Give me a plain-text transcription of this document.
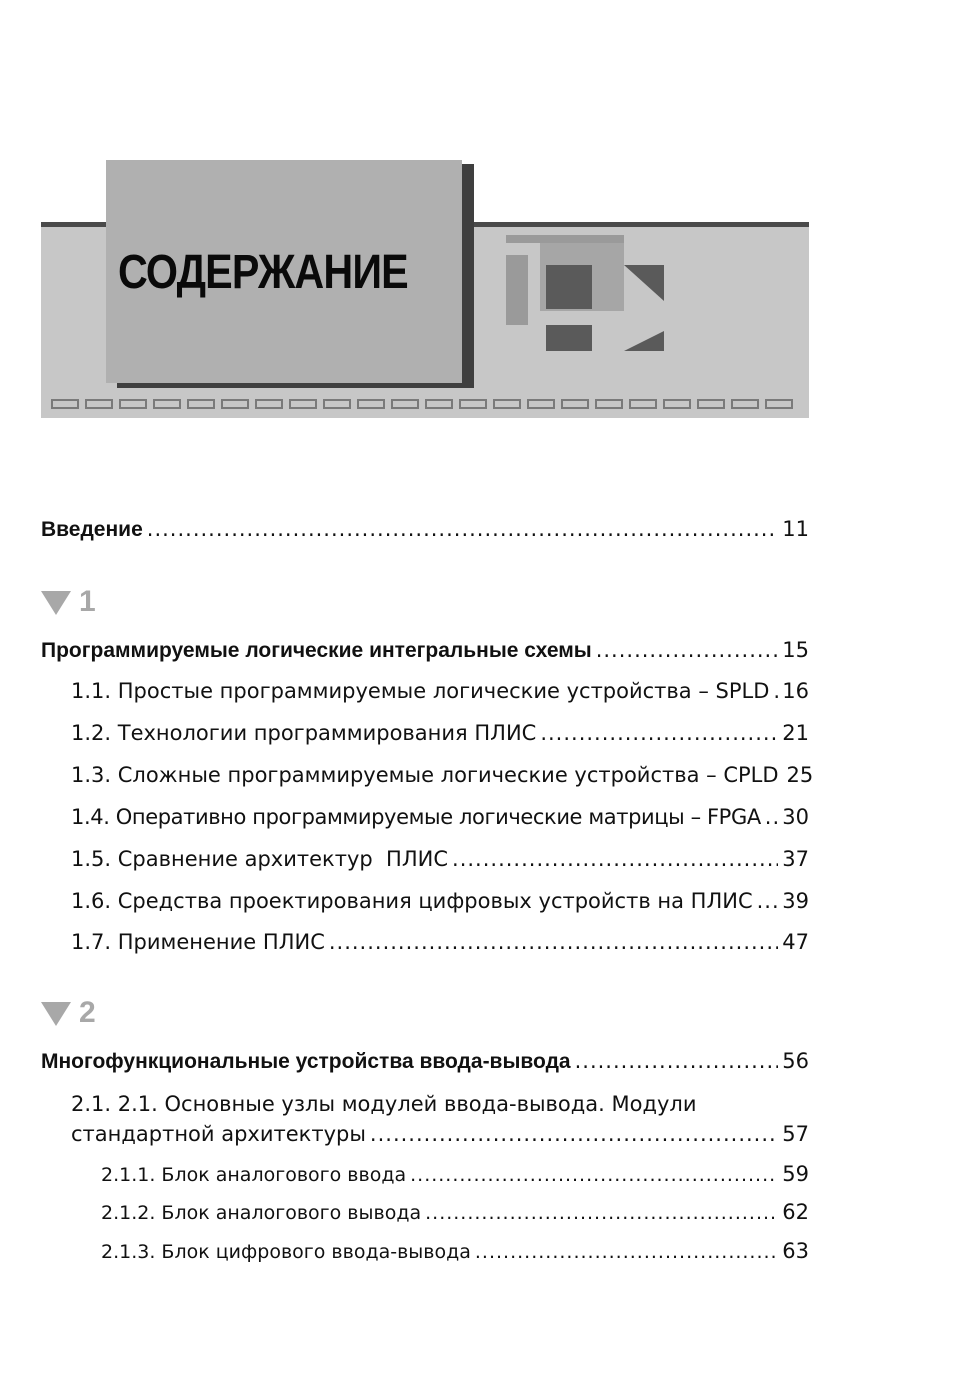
СОДЕРЖАНИЕ
Введение .....	11
1
Программируемые логические интегральные схемы .....	15
1.1. Простые программируемые логические устройства – SPLD ..... 16
1.2. Технологии программирования ПЛИС .....	21
1.3. Сложные программируемые логические устройства – CPLD 25
1.4. Оперативно программируемые логические матрицы – FPGA ..... 30
1.5. Сравнение архитектур  ПЛИС .....	37
1.6. Средства проектирования цифровых устройств на ПЛИС ..... 39
1.7. Применение ПЛИС .....	47
2
Многофункциональные устройства ввода-вывода .....	56
2.1. 2.1. Основные узлы модулей ввода-вывода. Модули
стандартной архитектуры .....	57
2.1.1. Блок аналогового ввода .....	59
2.1.2. Блок аналогового вывода .....	62
2.1.3. Блок цифрового ввода-вывода .....	63
